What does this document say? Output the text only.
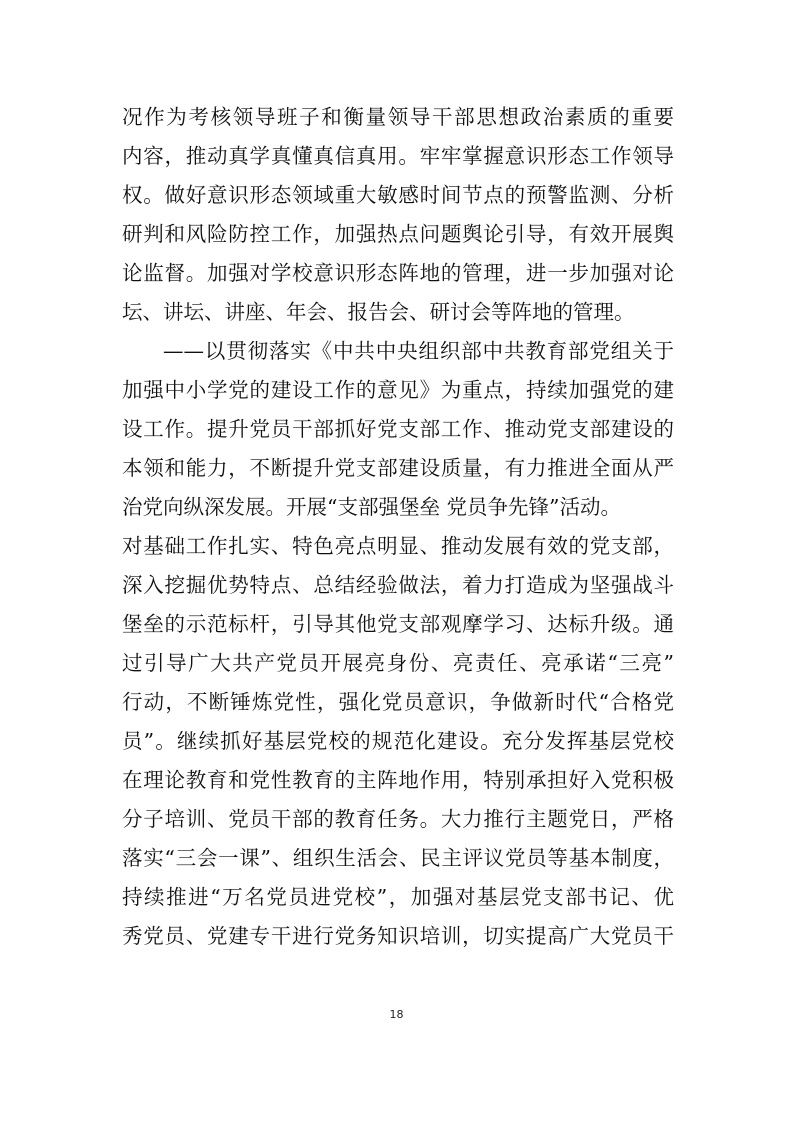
况作为考核领导班子和衡量领导干部思想政治素质的重要
内容，推动真学真懂真信真用。牢牢掌握意识形态工作领导
权。做好意识形态领域重大敏感时间节点的预警监测、分析
研判和风险防控工作，加强热点问题舆论引导，有效开展舆
论监督。加强对学校意识形态阵地的管理，进一步加强对论
坛、讲坛、讲座、年会、报告会、研讨会等阵地的管理。
——以贯彻落实《中共中央组织部中共教育部党组关于
加强中小学党的建设工作的意见》为重点，持续加强党的建
设工作。提升党员干部抓好党支部工作、推动党支部建设的
本领和能力，不断提升党支部建设质量，有力推进全面从严
治党向纵深发展。开展“支部强堡垒 党员争先锋”活动。
对基础工作扎实、特色亮点明显、推动发展有效的党支部，
深入挖掘优势特点、总结经验做法，着力打造成为坚强战斗
堡垒的示范标杆，引导其他党支部观摩学习、达标升级。通
过引导广大共产党员开展亮身份、亮责任、亮承诺“三亮”
行动，不断锤炼党性，强化党员意识，争做新时代“合格党
员”。继续抓好基层党校的规范化建设。充分发挥基层党校
在理论教育和党性教育的主阵地作用，特别承担好入党积极
分子培训、党员干部的教育任务。大力推行主题党日，严格
落实“三会一课”、组织生活会、民主评议党员等基本制度，
持续推进“万名党员进党校”，加强对基层党支部书记、优
秀党员、党建专干进行党务知识培训，切实提高广大党员干
18
